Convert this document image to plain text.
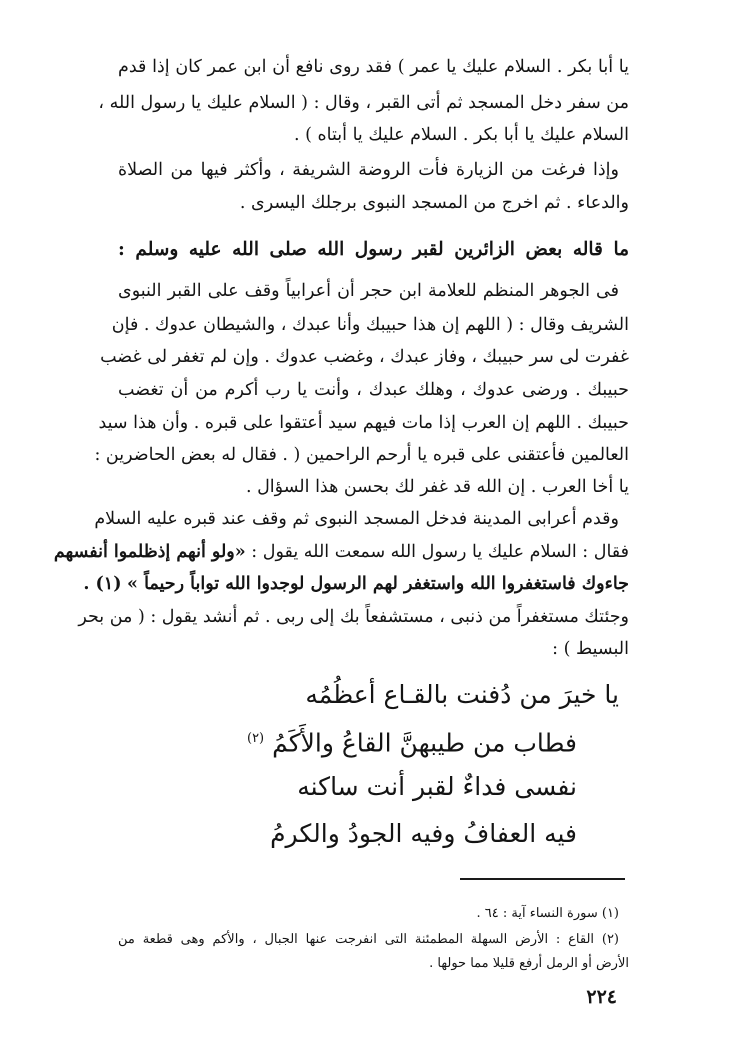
يا أبا بكر . السلام عليك يا عمر ) فقد روى نافع أن ابن عمر كان إذا قدم
من سفر دخل المسجد ثم أتى القبر ، وقال : ( السلام عليك يا رسول الله ،
السلام عليك يا أبا بكر . السلام عليك يا أبتاه ) .
وإذا فرغت من الزيارة فأت الروضة الشريفة ، وأكثر فيها من الصلاة
والدعاء . ثم اخرج من المسجد النبوى برجلك اليسرى .
ما قاله بعض الزائرين لقبر رسول الله صلى الله عليه وسلم :
فى الجوهر المنظم للعلامة ابن حجر أن أعرابياً وقف على القبر النبوى
الشريف وقال : ( اللهم إن هذا حبيبك وأنا عبدك ، والشيطان عدوك . فإن
غفرت لى سر حبيبك ، وفاز عبدك ، وغضب عدوك . وإن لم تغفر لى غضب
حبيبك . ورضى عدوك ، وهلك عبدك ، وأنت يا رب أكرم من أن تغضب
حبيبك . اللهم إن العرب إذا مات فيهم سيد أعتقوا على قبره . وأن هذا سيد
العالمين فأعتقنى على قبره يا أرحم الراحمين ( . فقال له بعض الحاضرين :
يا أخا العرب . إن الله قد غفر لك بحسن هذا السؤال .
وقدم أعرابى المدينة فدخل المسجد النبوى ثم وقف عند قبره عليه السلام
فقال : السلام عليك يا رسول الله سمعت الله يقول : «ولو أنهم إذظلموا أنفسهم
جاءوك فاستغفروا الله واستغفر لهم الرسول لوجدوا الله تواباً رحيماً » (١) .
وجئتك مستغفراً من ذنبى ، مستشفعاً بك إلى ربى . ثم أنشد يقول : ( من بحر
البسيط ) :
يا خيرَ من دُفنت بالقـاع أعظُمُه
فطاب من طيبهنَّ القاعُ والأَكَمُ $^{(٢)}$
نفسى فداءٌ لقبر أنت ساكنه
فيه العفافُ وفيه الجودُ والكرمُ
(١) سورة النساء آية : ٦٤ .
(٢) القاع : الأرض السهلة المطمئنة التى انفرجت عنها الجبال ، والأكم وهى قطعة من
الأرض أو الرمل أرفع قليلا مما حولها .
٢٢٤
